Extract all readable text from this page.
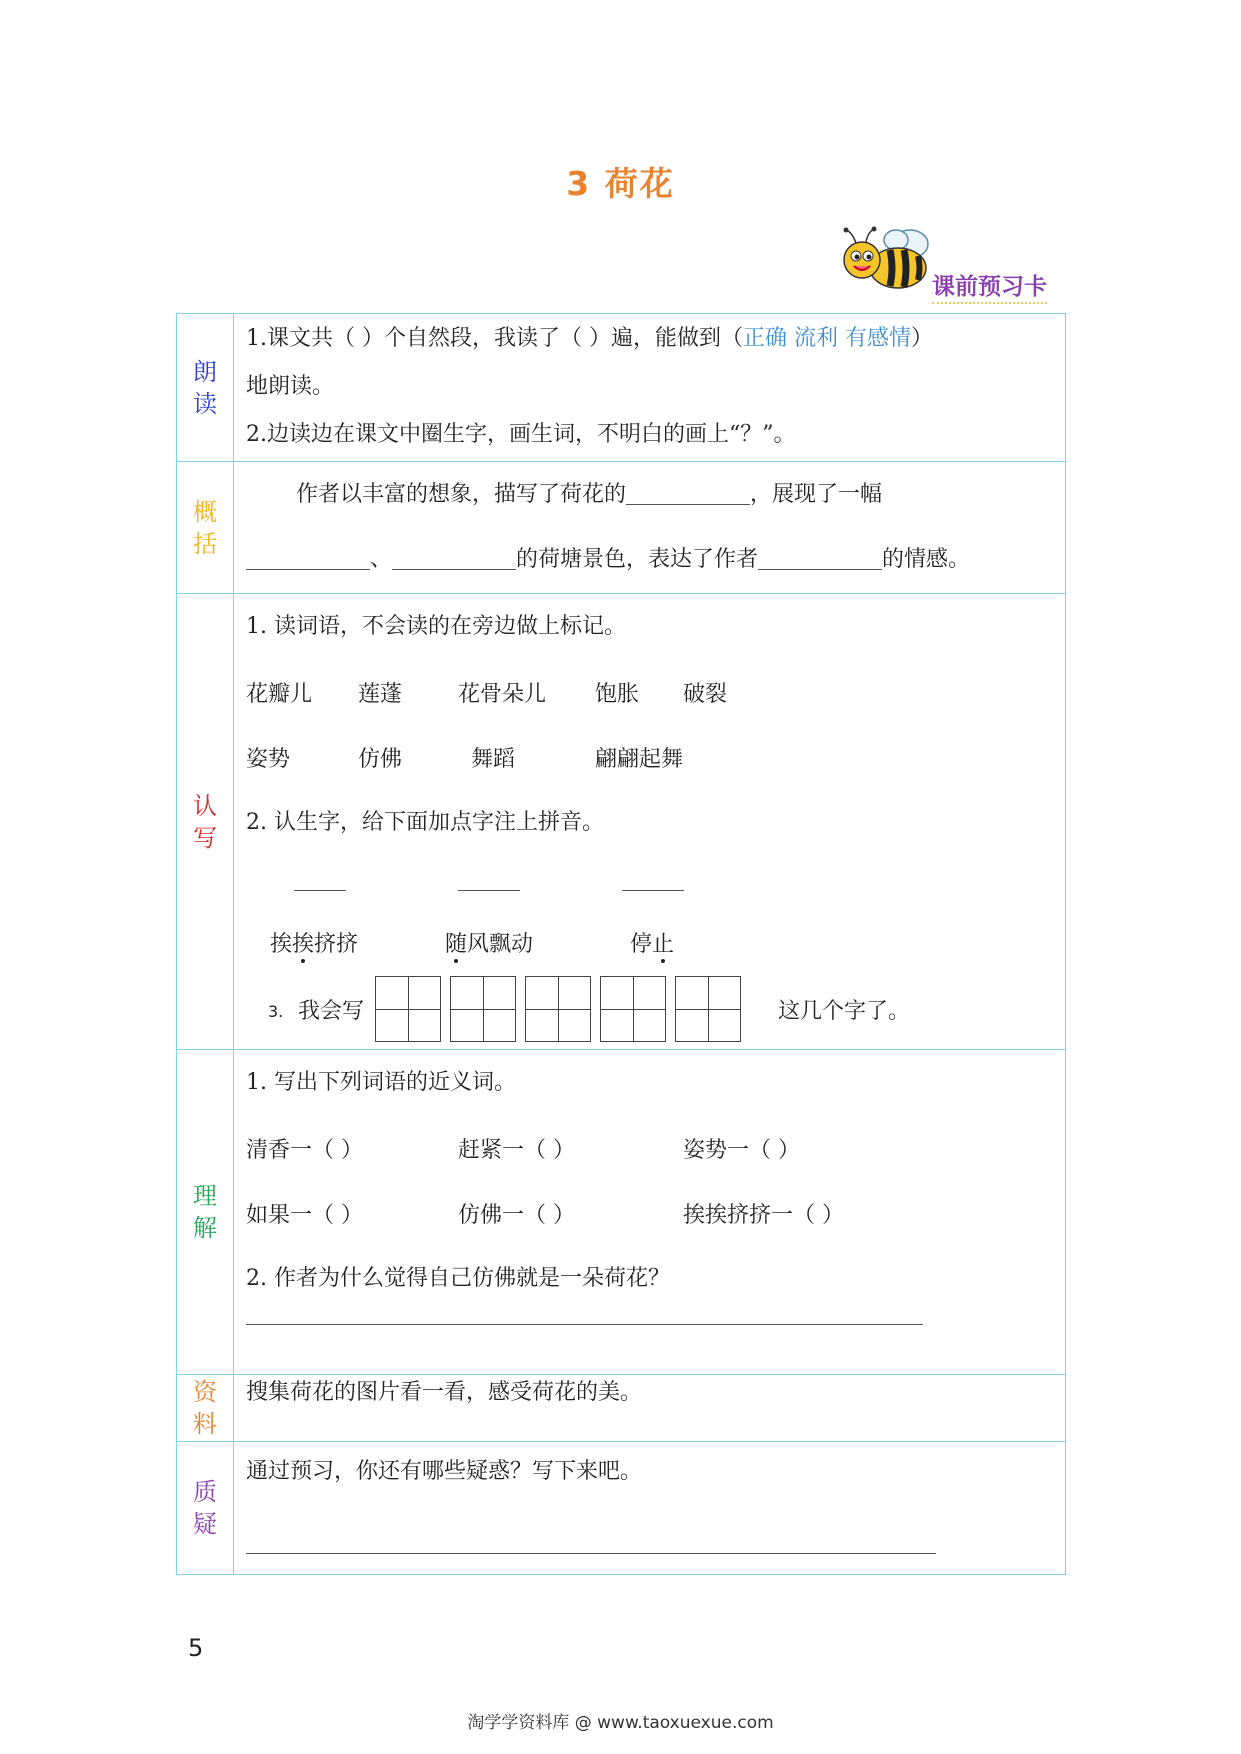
3 荷花
课前预习卡
朗
读
1.课文共（ ）个自然段，我读了（ ）遍，能做到（正确 流利 有感情）
地朗读。
2.边读边在课文中圈生字，画生词，不明白的画上“？”。
概
括
作者以丰富的想象，描写了荷花的	，展现了一幅
、	的荷塘景色，表达了作者	的情感。
认
写
1. 读词语，不会读的在旁边做上标记。
花瓣儿 莲蓬	花骨朵儿 饱胀 破裂
姿势	仿佛	舞蹈	翩翩起舞
2. 认生字，给下面加点字注上拼音。
挨挨挤挤	随风飘动	停止
3. 我会写	这几个字了。
理
解
1. 写出下列词语的近义词。
清香一（ ）	赶紧一（ ）	姿势一（ ）
如果一（ ）	仿佛一（ ）	挨挨挤挤一（ ）
2. 作者为什么觉得自己仿佛就是一朵荷花？
资
料
搜集荷花的图片看一看，感受荷花的美。
质
疑
通过预习，你还有哪些疑惑？写下来吧。
5
淘学学资料库 @ www.taoxuexue.com
